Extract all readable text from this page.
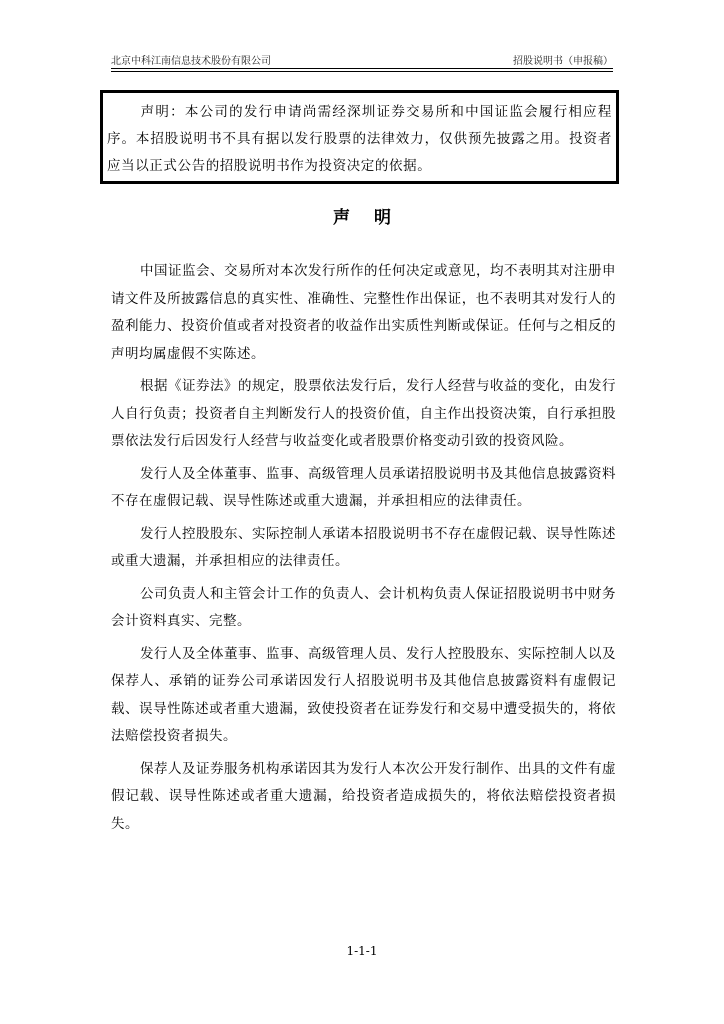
北京中科江南信息技术股份有限公司	招股说明书（申报稿）
声明：本公司的发行申请尚需经深圳证券交易所和中国证监会履行相应程序。本招股说明书不具有据以发行股票的法律效力，仅供预先披露之用。投资者应当以正式公告的招股说明书作为投资决定的依据。
声明

中国证监会、交易所对本次发行所作的任何决定或意见，均不表明其对注册申请文件及所披露信息的真实性、准确性、完整性作出保证，也不表明其对发行人的盈利能力、投资价值或者对投资者的收益作出实质性判断或保证。任何与之相反的声明均属虚假不实陈述。

根据《证券法》的规定，股票依法发行后，发行人经营与收益的变化，由发行人自行负责；投资者自主判断发行人的投资价值，自主作出投资决策，自行承担股票依法发行后因发行人经营与收益变化或者股票价格变动引致的投资风险。

发行人及全体董事、监事、高级管理人员承诺招股说明书及其他信息披露资料不存在虚假记载、误导性陈述或重大遗漏，并承担相应的法律责任。

发行人控股股东、实际控制人承诺本招股说明书不存在虚假记载、误导性陈述或重大遗漏，并承担相应的法律责任。

公司负责人和主管会计工作的负责人、会计机构负责人保证招股说明书中财务会计资料真实、完整。

发行人及全体董事、监事、高级管理人员、发行人控股股东、实际控制人以及保荐人、承销的证券公司承诺因发行人招股说明书及其他信息披露资料有虚假记载、误导性陈述或者重大遗漏，致使投资者在证券发行和交易中遭受损失的，将依法赔偿投资者损失。

保荐人及证券服务机构承诺因其为发行人本次公开发行制作、出具的文件有虚假记载、误导性陈述或者重大遗漏，给投资者造成损失的，将依法赔偿投资者损失。

1-1-1
